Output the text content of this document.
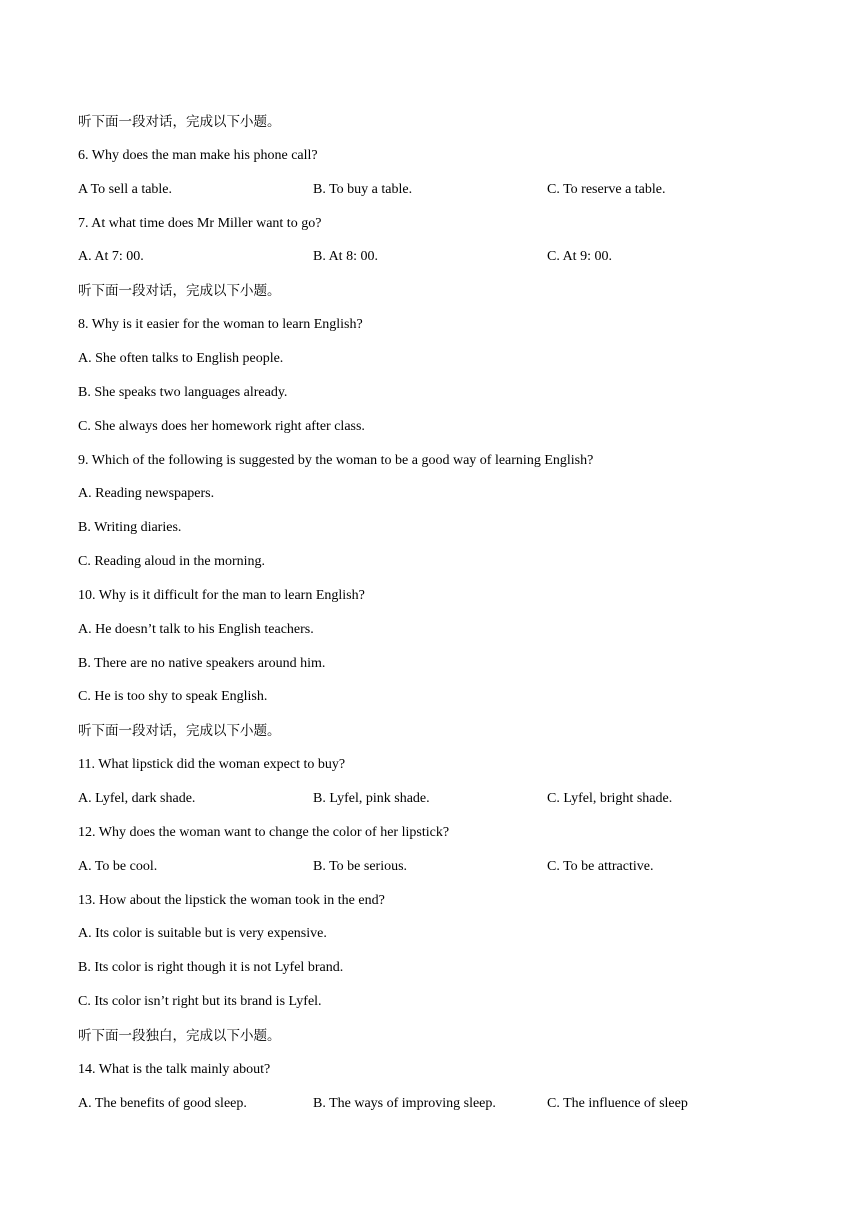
听下面一段对话，完成以下小题。
6. Why does the man make his phone call?
A To sell a table.	B. To buy a table.	C. To reserve a table.
7. At what time does Mr Miller want to go?
A. At 7: 00.	B. At 8: 00.	C. At 9: 00.
听下面一段对话，完成以下小题。
8. Why is it easier for the woman to learn English?
A. She often talks to English people.
B. She speaks two languages already.
C. She always does her homework right after class.
9. Which of the following is suggested by the woman to be a good way of learning English?
A. Reading newspapers.
B. Writing diaries.
C. Reading aloud in the morning.
10. Why is it difficult for the man to learn English?
A. He doesn’t talk to his English teachers.
B. There are no native speakers around him.
C. He is too shy to speak English.
听下面一段对话，完成以下小题。
11. What lipstick did the woman expect to buy?
A. Lyfel, dark shade.	B. Lyfel, pink shade.	C. Lyfel, bright shade.
12. Why does the woman want to change the color of her lipstick?
A. To be cool.	B. To be serious.	C. To be attractive.
13. How about the lipstick the woman took in the end?
A. Its color is suitable but is very expensive.
B. Its color is right though it is not Lyfel brand.
C. Its color isn’t right but its brand is Lyfel.
听下面一段独白，完成以下小题。
14. What is the talk mainly about?
A. The benefits of good sleep.	B. The ways of improving sleep.	C. The influence of sleep
